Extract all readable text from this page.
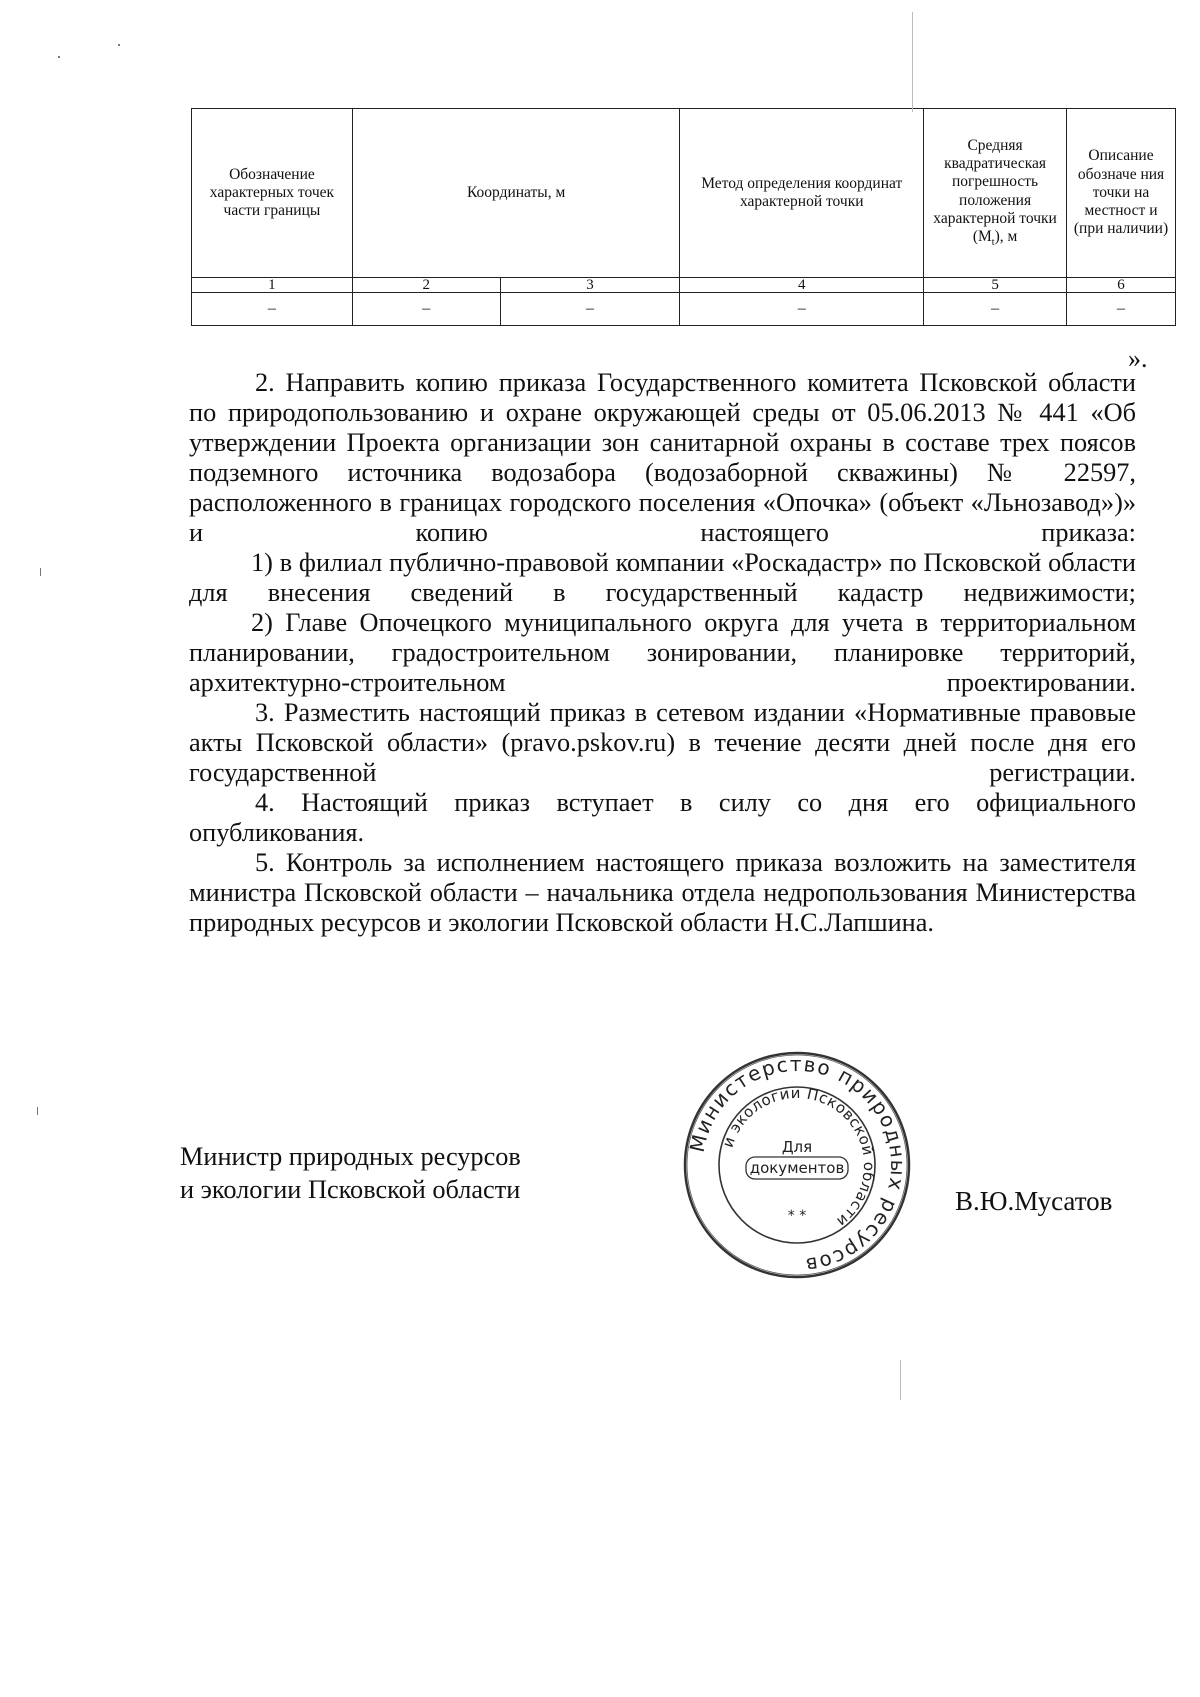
Обозначение характерных точек части границы	Координаты, м		Метод определения координат характерной точки	Средняя квадратическая погрешность положения характерной точки $(M_t)$, м	Описание обозначе ния точки на местност и (при наличии)
1	2	3	4	5	6
–	–	–	–	–	–
».

2. Направить копию приказа Государственного комитета Псковской области по природопользованию и охране окружающей среды от 05.06.2013 № 441 «Об утверждении Проекта организации зон санитарной охраны в составе трех поясов подземного источника водозабора (водозаборной скважины) № 22597, расположенного в границах городского поселения «Опочка» (объект «Льнозавод»)» и копию настоящего приказа:

1) в филиал публично-правовой компании «Роскадастр» по Псковской области для внесения сведений в государственный кадастр недвижимости;

2) Главе Опочецкого муниципального округа для учета в территориальном планировании, градостроительном зонировании, планировке территорий, архитектурно-строительном проектировании.

3. Разместить настоящий приказ в сетевом издании «Нормативные правовые акты Псковской области» (pravo.pskov.ru) в течение десяти дней после дня его государственной регистрации.

4. Настоящий приказ вступает в силу со дня его официального опубликования.

5. Контроль за исполнением настоящего приказа возложить на заместителя министра Псковской области – начальника отдела недропользования Министерства природных ресурсов и экологии Псковской области Н.С.Лапшина.

Министр природных ресурсов
и экологии Псковской области
Министерство природных ресурсов
и экологии Псковской области
Для
документов
* *	В.Ю.Мусатов
